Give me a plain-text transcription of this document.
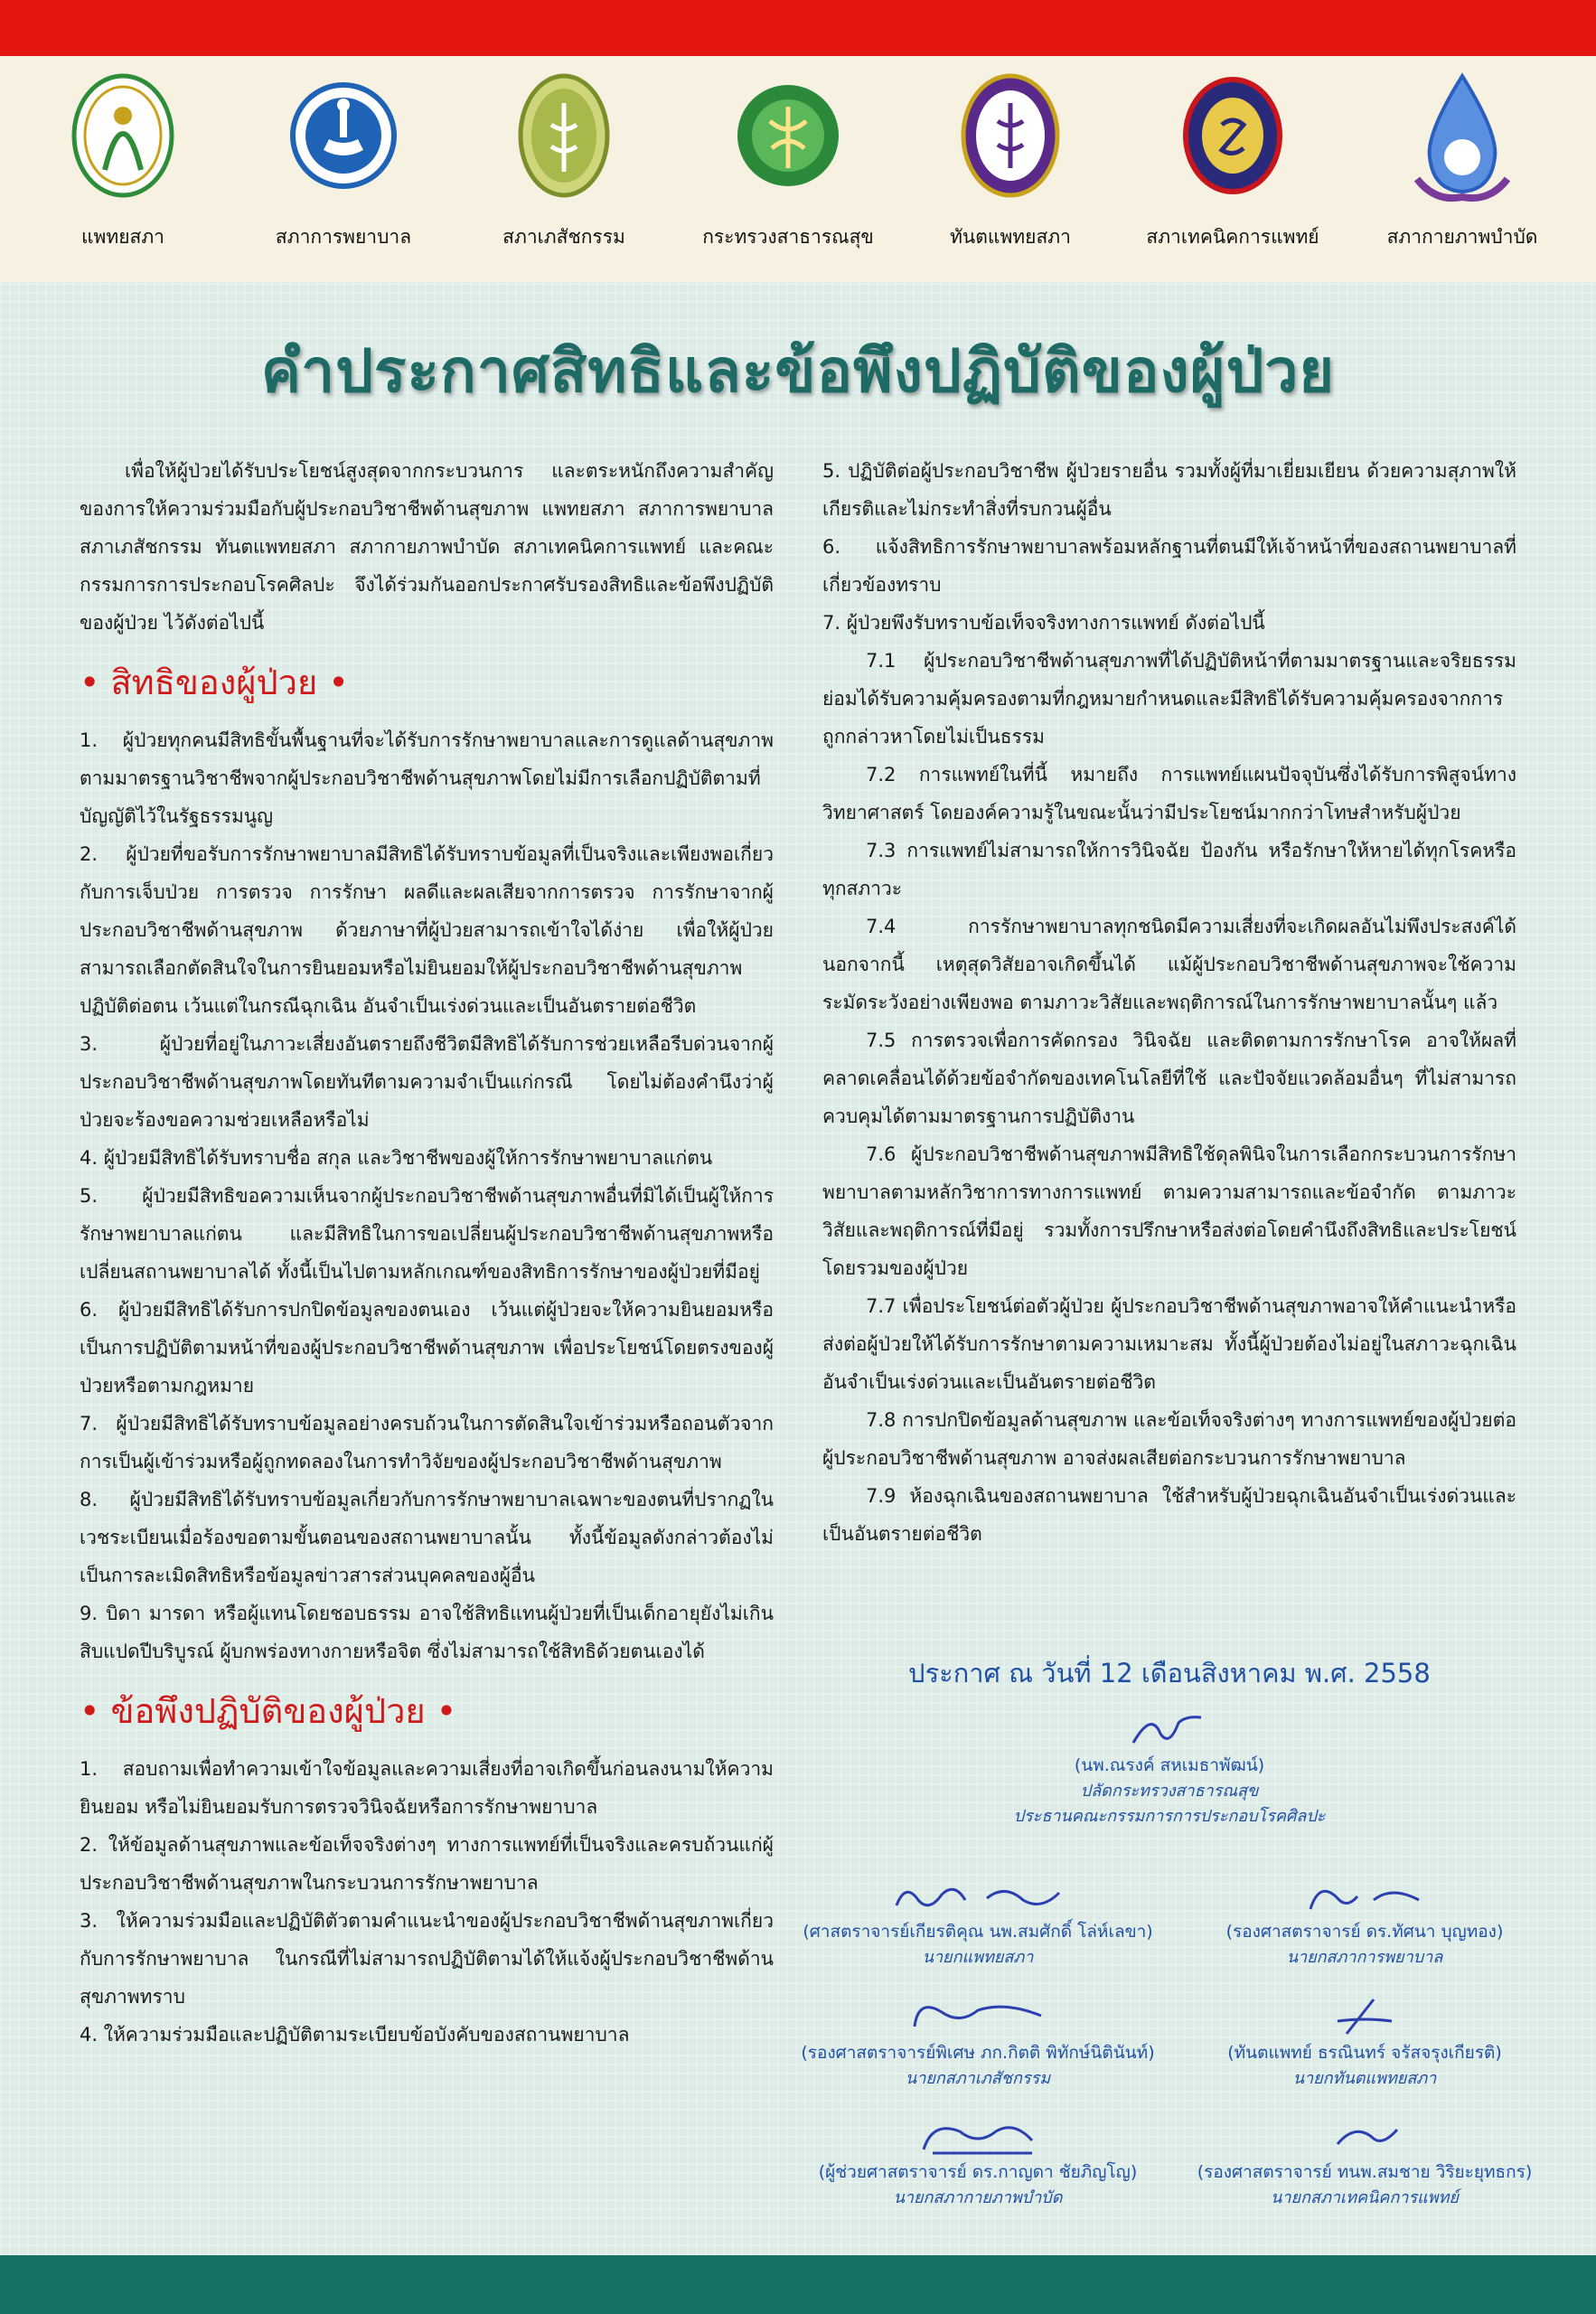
แพทยสภา	สภาการพยาบาล	สภาเภสัชกรรม	กระทรวงสาธารณสุข	ทันตแพทยสภา	สภาเทคนิคการแพทย์	สภากายภาพบำบัด
คำประกาศสิทธิและข้อพึงปฏิบัติของผู้ป่วย

เพื่อให้ผู้ป่วยได้รับประโยชน์สูงสุดจากกระบวนการ และตระหนักถึงความสำคัญของการให้ความร่วมมือกับผู้ประกอบวิชาชีพด้านสุขภาพ แพทยสภา สภาการพยาบาล สภาเภสัชกรรม ทันตแพทยสภา สภากายภาพบำบัด สภาเทคนิคการแพทย์ และคณะกรรมการการประกอบโรคศิลปะ จึงได้ร่วมกันออกประกาศรับรองสิทธิและข้อพึงปฏิบัติของผู้ป่วย ไว้ดังต่อไปนี้

• สิทธิของผู้ป่วย •

1. ผู้ป่วยทุกคนมีสิทธิขั้นพื้นฐานที่จะได้รับการรักษาพยาบาลและการดูแลด้านสุขภาพตามมาตรฐานวิชาชีพจากผู้ประกอบวิชาชีพด้านสุขภาพโดยไม่มีการเลือกปฏิบัติตามที่บัญญัติไว้ในรัฐธรรมนูญ

2. ผู้ป่วยที่ขอรับการรักษาพยาบาลมีสิทธิได้รับทราบข้อมูลที่เป็นจริงและเพียงพอเกี่ยวกับการเจ็บป่วย การตรวจ การรักษา ผลดีและผลเสียจากการตรวจ การรักษาจากผู้ประกอบวิชาชีพด้านสุขภาพ ด้วยภาษาที่ผู้ป่วยสามารถเข้าใจได้ง่าย เพื่อให้ผู้ป่วยสามารถเลือกตัดสินใจในการยินยอมหรือไม่ยินยอมให้ผู้ประกอบวิชาชีพด้านสุขภาพปฏิบัติต่อตน เว้นแต่ในกรณีฉุกเฉิน อันจำเป็นเร่งด่วนและเป็นอันตรายต่อชีวิต

3. ผู้ป่วยที่อยู่ในภาวะเสี่ยงอันตรายถึงชีวิตมีสิทธิได้รับการช่วยเหลือรีบด่วนจากผู้ประกอบวิชาชีพด้านสุขภาพโดยทันทีตามความจำเป็นแก่กรณี โดยไม่ต้องคำนึงว่าผู้ป่วยจะร้องขอความช่วยเหลือหรือไม่

4. ผู้ป่วยมีสิทธิได้รับทราบชื่อ สกุล และวิชาชีพของผู้ให้การรักษาพยาบาลแก่ตน

5. ผู้ป่วยมีสิทธิขอความเห็นจากผู้ประกอบวิชาชีพด้านสุขภาพอื่นที่มิได้เป็นผู้ให้การรักษาพยาบาลแก่ตน และมีสิทธิในการขอเปลี่ยนผู้ประกอบวิชาชีพด้านสุขภาพหรือเปลี่ยนสถานพยาบาลได้ ทั้งนี้เป็นไปตามหลักเกณฑ์ของสิทธิการรักษาของผู้ป่วยที่มีอยู่

6. ผู้ป่วยมีสิทธิได้รับการปกปิดข้อมูลของตนเอง เว้นแต่ผู้ป่วยจะให้ความยินยอมหรือเป็นการปฏิบัติตามหน้าที่ของผู้ประกอบวิชาชีพด้านสุขภาพ เพื่อประโยชน์โดยตรงของผู้ป่วยหรือตามกฎหมาย

7. ผู้ป่วยมีสิทธิได้รับทราบข้อมูลอย่างครบถ้วนในการตัดสินใจเข้าร่วมหรือถอนตัวจากการเป็นผู้เข้าร่วมหรือผู้ถูกทดลองในการทำวิจัยของผู้ประกอบวิชาชีพด้านสุขภาพ

8. ผู้ป่วยมีสิทธิได้รับทราบข้อมูลเกี่ยวกับการรักษาพยาบาลเฉพาะของตนที่ปรากฏในเวชระเบียนเมื่อร้องขอตามขั้นตอนของสถานพยาบาลนั้น ทั้งนี้ข้อมูลดังกล่าวต้องไม่เป็นการละเมิดสิทธิหรือข้อมูลข่าวสารส่วนบุคคลของผู้อื่น

9. บิดา มารดา หรือผู้แทนโดยชอบธรรม อาจใช้สิทธิแทนผู้ป่วยที่เป็นเด็กอายุยังไม่เกินสิบแปดปีบริบูรณ์ ผู้บกพร่องทางกายหรือจิต ซึ่งไม่สามารถใช้สิทธิด้วยตนเองได้

• ข้อพึงปฏิบัติของผู้ป่วย •

1. สอบถามเพื่อทำความเข้าใจข้อมูลและความเสี่ยงที่อาจเกิดขึ้นก่อนลงนามให้ความยินยอม หรือไม่ยินยอมรับการตรวจวินิจฉัยหรือการรักษาพยาบาล

2. ให้ข้อมูลด้านสุขภาพและข้อเท็จจริงต่างๆ ทางการแพทย์ที่เป็นจริงและครบถ้วนแก่ผู้ประกอบวิชาชีพด้านสุขภาพในกระบวนการรักษาพยาบาล

3. ให้ความร่วมมือและปฏิบัติตัวตามคำแนะนำของผู้ประกอบวิชาชีพด้านสุขภาพเกี่ยวกับการรักษาพยาบาล ในกรณีที่ไม่สามารถปฏิบัติตามได้ให้แจ้งผู้ประกอบวิชาชีพด้านสุขภาพทราบ

4. ให้ความร่วมมือและปฏิบัติตามระเบียบข้อบังคับของสถานพยาบาล

5. ปฏิบัติต่อผู้ประกอบวิชาชีพ ผู้ป่วยรายอื่น รวมทั้งผู้ที่มาเยี่ยมเยียน ด้วยความสุภาพให้เกียรติและไม่กระทำสิ่งที่รบกวนผู้อื่น

6. แจ้งสิทธิการรักษาพยาบาลพร้อมหลักฐานที่ตนมีให้เจ้าหน้าที่ของสถานพยาบาลที่เกี่ยวข้องทราบ

7. ผู้ป่วยพึงรับทราบข้อเท็จจริงทางการแพทย์ ดังต่อไปนี้

7.1 ผู้ประกอบวิชาชีพด้านสุขภาพที่ได้ปฏิบัติหน้าที่ตามมาตรฐานและจริยธรรม ย่อมได้รับความคุ้มครองตามที่กฎหมายกำหนดและมีสิทธิได้รับความคุ้มครองจากการถูกกล่าวหาโดยไม่เป็นธรรม

7.2 การแพทย์ในที่นี้ หมายถึง การแพทย์แผนปัจจุบันซึ่งได้รับการพิสูจน์ทางวิทยาศาสตร์ โดยองค์ความรู้ในขณะนั้นว่ามีประโยชน์มากกว่าโทษสำหรับผู้ป่วย

7.3 การแพทย์ไม่สามารถให้การวินิจฉัย ป้องกัน หรือรักษาให้หายได้ทุกโรคหรือทุกสภาวะ

7.4 การรักษาพยาบาลทุกชนิดมีความเสี่ยงที่จะเกิดผลอันไม่พึงประสงค์ได้ นอกจากนี้ เหตุสุดวิสัยอาจเกิดขึ้นได้ แม้ผู้ประกอบวิชาชีพด้านสุขภาพจะใช้ความระมัดระวังอย่างเพียงพอ ตามภาวะวิสัยและพฤติการณ์ในการรักษาพยาบาลนั้นๆ แล้ว

7.5 การตรวจเพื่อการคัดกรอง วินิจฉัย และติดตามการรักษาโรค อาจให้ผลที่คลาดเคลื่อนได้ด้วยข้อจำกัดของเทคโนโลยีที่ใช้ และปัจจัยแวดล้อมอื่นๆ ที่ไม่สามารถควบคุมได้ตามมาตรฐานการปฏิบัติงาน

7.6 ผู้ประกอบวิชาชีพด้านสุขภาพมีสิทธิใช้ดุลพินิจในการเลือกกระบวนการรักษาพยาบาลตามหลักวิชาการทางการแพทย์ ตามความสามารถและข้อจำกัด ตามภาวะวิสัยและพฤติการณ์ที่มีอยู่ รวมทั้งการปรึกษาหรือส่งต่อโดยคำนึงถึงสิทธิและประโยชน์โดยรวมของผู้ป่วย

7.7 เพื่อประโยชน์ต่อตัวผู้ป่วย ผู้ประกอบวิชาชีพด้านสุขภาพอาจให้คำแนะนำหรือส่งต่อผู้ป่วยให้ได้รับการรักษาตามความเหมาะสม ทั้งนี้ผู้ป่วยต้องไม่อยู่ในสภาวะฉุกเฉินอันจำเป็นเร่งด่วนและเป็นอันตรายต่อชีวิต

7.8 การปกปิดข้อมูลด้านสุขภาพ และข้อเท็จจริงต่างๆ ทางการแพทย์ของผู้ป่วยต่อผู้ประกอบวิชาชีพด้านสุขภาพ อาจส่งผลเสียต่อกระบวนการรักษาพยาบาล

7.9 ห้องฉุกเฉินของสถานพยาบาล ใช้สำหรับผู้ป่วยฉุกเฉินอันจำเป็นเร่งด่วนและเป็นอันตรายต่อชีวิต

ประกาศ ณ วันที่ 12 เดือนสิงหาคม พ.ศ. 2558
(นพ.ณรงค์ สหเมธาพัฒน์)
ปลัดกระทรวงสาธารณสุข
ประธานคณะกรรมการการประกอบโรคศิลปะ
(ศาสตราจารย์เกียรติคุณ นพ.สมศักดิ์ โล่ห์เลขา)
นายกแพทยสภา
(รองศาสตราจารย์ ดร.ทัศนา บุญทอง)
นายกสภาการพยาบาล
(รองศาสตราจารย์พิเศษ ภก.กิตติ พิทักษ์นิตินันท์)
นายกสภาเภสัชกรรม
(ทันตแพทย์ ธรณินทร์ จรัสจรุงเกียรติ)
นายกทันตแพทยสภา
(ผู้ช่วยศาสตราจารย์ ดร.กาญดา ชัยภิญโญ)
นายกสภากายภาพบำบัด
(รองศาสตราจารย์ ทนพ.สมชาย วิริยะยุทธกร)
นายกสภาเทคนิคการแพทย์
